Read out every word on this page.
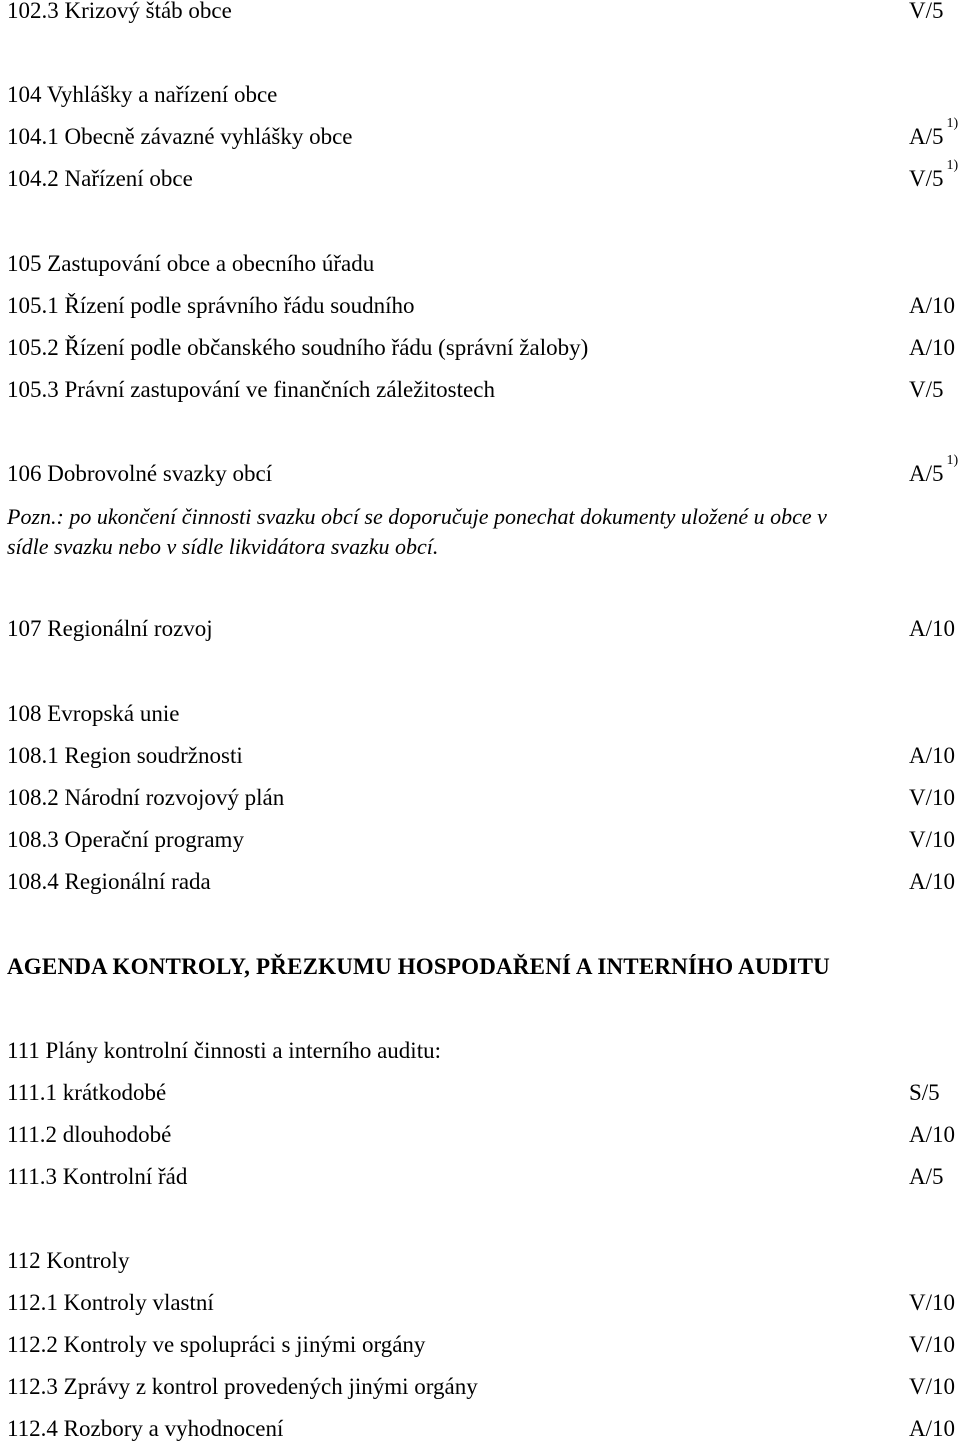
102.3 Krizový štáb obce	V/5
104 Vyhlášky a nařízení obce
104.1 Obecně závazné vyhlášky obce	A/5$^{1)}$
104.2 Nařízení obce	V/5$^{1)}$
105 Zastupování obce a obecního úřadu
105.1 Řízení podle správního řádu soudního	A/10
105.2 Řízení podle občanského soudního řádu (správní žaloby)	A/10
105.3 Právní zastupování ve finančních záležitostech	V/5
106 Dobrovolné svazky obcí	A/5$^{1)}$
Pozn.: po ukončení činnosti svazku obcí se doporučuje ponechat dokumenty uložené u obce v
sídle svazku nebo v sídle likvidátora svazku obcí.
107 Regionální rozvoj	A/10
108 Evropská unie
108.1 Region soudržnosti	A/10
108.2 Národní rozvojový plán	V/10
108.3 Operační programy	V/10
108.4 Regionální rada	A/10
AGENDA KONTROLY, PŘEZKUMU HOSPODAŘENÍ A INTERNÍHO AUDITU
111 Plány kontrolní činnosti a interního auditu:
111.1 krátkodobé	S/5
111.2 dlouhodobé	A/10
111.3 Kontrolní řád	A/5
112 Kontroly
112.1 Kontroly vlastní	V/10
112.2 Kontroly ve spolupráci s jinými orgány	V/10
112.3 Zprávy z kontrol provedených jinými orgány	V/10
112.4 Rozbory a vyhodnocení	A/10
